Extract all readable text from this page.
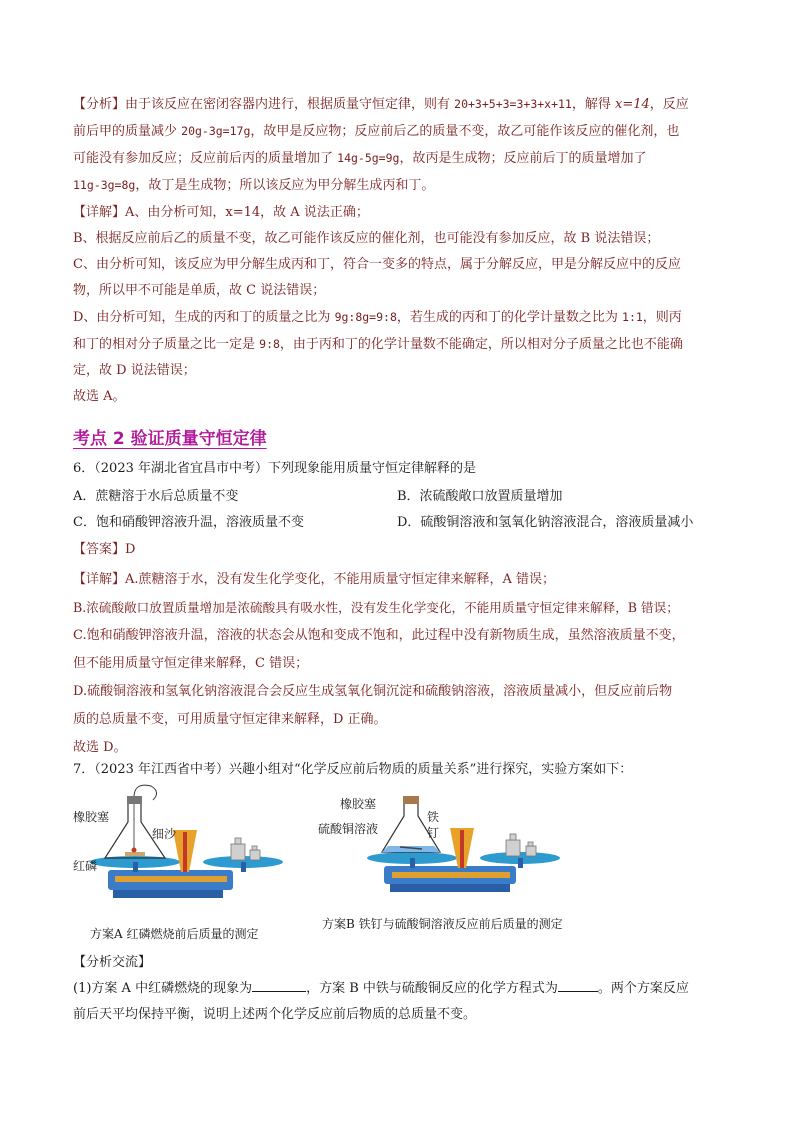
【分析】由于该反应在密闭容器内进行，根据质量守恒定律，则有 20+3+5+3=3+3+x+11，解得 x=14，反应
前后甲的质量减少 20g-3g=17g，故甲是反应物；反应前后乙的质量不变，故乙可能作该反应的催化剂，也
可能没有参加反应；反应前后丙的质量增加了 14g-5g=9g，故丙是生成物；反应前后丁的质量增加了
11g-3g=8g，故丁是生成物；所以该反应为甲分解生成丙和丁。
【详解】A、由分析可知，x=14，故 A 说法正确；
B、根据反应前后乙的质量不变，故乙可能作该反应的催化剂，也可能没有参加反应，故 B 说法错误；
C、由分析可知，该反应为甲分解生成丙和丁，符合一变多的特点，属于分解反应，甲是分解反应中的反应
物，所以甲不可能是单质，故 C 说法错误；
D、由分析可知，生成的丙和丁的质量之比为 9g:8g=9:8，若生成的丙和丁的化学计量数之比为 1:1，则丙
和丁的相对分子质量之比一定是 9:8，由于丙和丁的化学计量数不能确定，所以相对分子质量之比也不能确
定，故 D 说法错误；
故选 A。
考点 2 验证质量守恒定律
6．（2023 年湖北省宜昌市中考）下列现象能用质量守恒定律解释的是
A．蔗糖溶于水后总质量不变	B．浓硫酸敞口放置质量增加
C．饱和硝酸钾溶液升温，溶液质量不变	D．硫酸铜溶液和氢氧化钠溶液混合，溶液质量减小
【答案】D
【详解】A.蔗糖溶于水，没有发生化学变化，不能用质量守恒定律来解释，A 错误；
B.浓硫酸敞口放置质量增加是浓硫酸具有吸水性，没有发生化学变化，不能用质量守恒定律来解释，B 错误；
C.饱和硝酸钾溶液升温，溶液的状态会从饱和变成不饱和，此过程中没有新物质生成，虽然溶液质量不变，
但不能用质量守恒定律来解释，C 错误；
D.硫酸铜溶液和氢氧化钠溶液混合会反应生成氢氧化铜沉淀和硫酸钠溶液，溶液质量减小，但反应前后物
质的总质量不变，可用质量守恒定律来解释，D 正确。
故选 D。
7．（2023 年江西省中考）兴趣小组对“化学反应前后物质的质量关系”进行探究，实验方案如下：
橡胶塞
细沙
红磷
方案A 红磷燃烧前后质量的测定
橡胶塞
铁
钉
硫酸铜溶液
方案B 铁钉与硫酸铜溶液反应前后质量的测定
【分析交流】
(1)方案 A 中红磷燃烧的现象为	，方案 B 中铁与硫酸铜反应的化学方程式为	。两个方案反应
前后天平均保持平衡，说明上述两个化学反应前后物质的总质量不变。
